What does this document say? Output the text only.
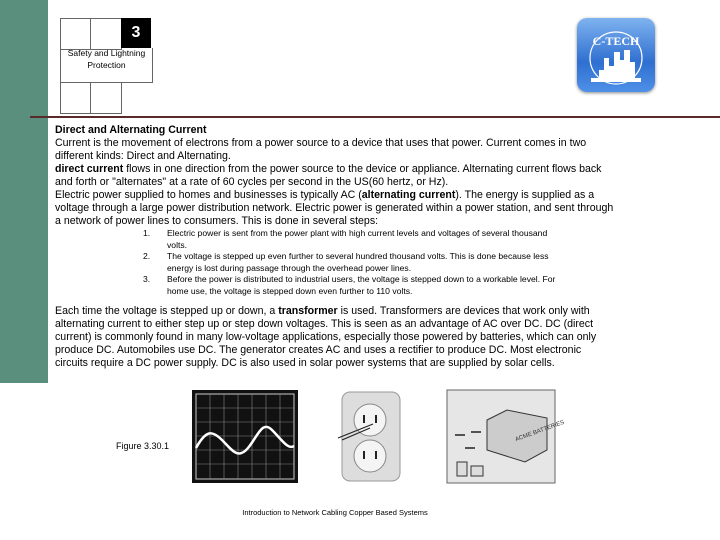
3
Safety and Lightning Protection
C-TECH

Direct and Alternating Current

Current is the movement of electrons from a power source to a device that uses that power. Current comes in two different kinds: Direct and Alternating.

direct current flows in one direction from the power source to the device or appliance. Alternating current flows back and forth or "alternates" at a rate of 60 cycles per second in the US(60 hertz, or Hz).

Electric power supplied to homes and businesses is typically AC (alternating current). The energy is supplied as a voltage through a large power distribution network. Electric power is generated within a power station, and sent through a network of power lines to consumers. This is done in several steps:

1. Electric power is sent from the power plant with high current levels and voltages of several thousand volts.
2. The voltage is stepped up even further to several hundred thousand volts. This is done because less energy is lost during passage through the overhead power lines.
3. Before the power is distributed to industrial users, the voltage is stepped down to a workable level. For home use, the voltage is stepped down even further to 110 volts.

Each time the voltage is stepped up or down, a transformer is used. Transformers are devices that work only with alternating current to either step up or step down voltages. This is seen as an advantage of AC over DC. DC (direct current) is commonly found in many low-voltage applications, especially those powered by batteries, which can only produce DC. Automobiles use DC. The generator creates AC and uses a rectifier to produce DC. Most electronic circuits require a DC power supply. DC is also used in solar power systems that are supplied by solar cells.

Figure 3.30.1
ACME BATTERIES
Introduction to Network Cabling Copper Based Systems
